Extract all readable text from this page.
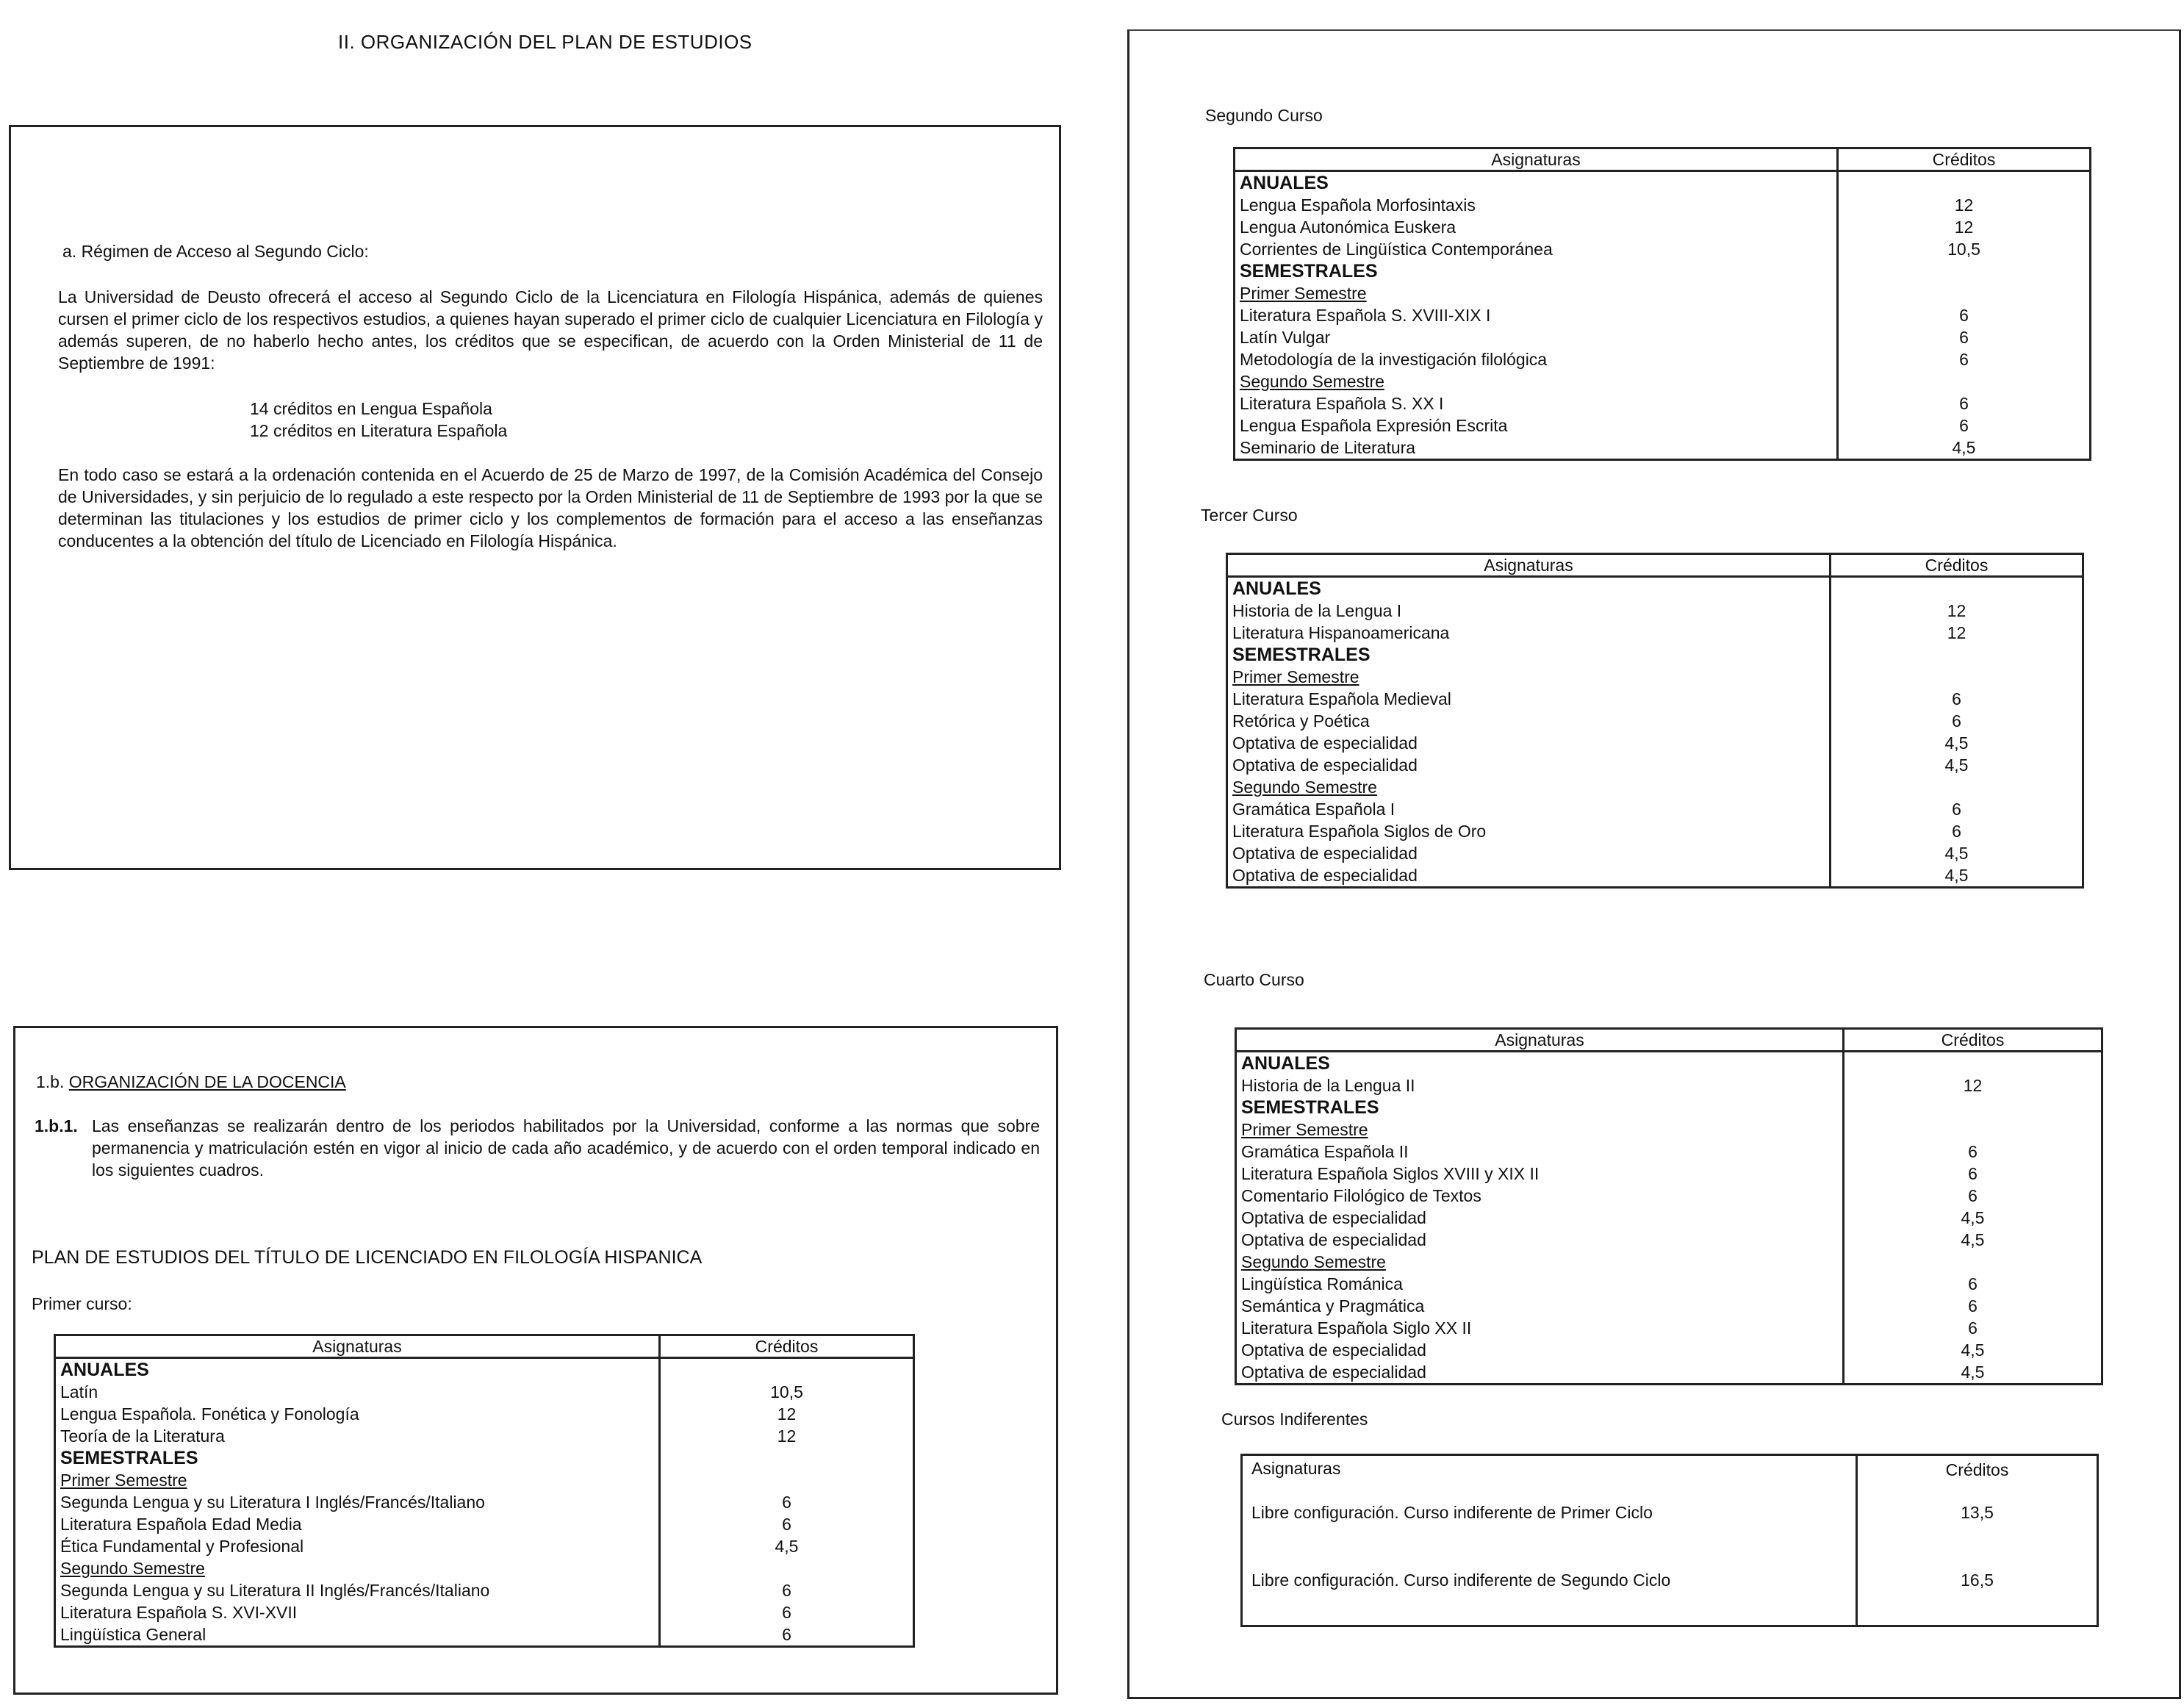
II. ORGANIZACIÓN DEL PLAN DE ESTUDIOS
a. Régimen de Acceso al Segundo Ciclo:
La Universidad de Deusto ofrecerá el acceso al Segundo Ciclo de la Licenciatura en Filología Hispánica, además de quienes cursen el primer ciclo de los respectivos estudios, a quienes hayan superado el primer ciclo de cualquier Licenciatura en Filología y además superen, de no haberlo hecho antes, los créditos que se especifican, de acuerdo con la Orden Ministerial de 11 de Septiembre de 1991:
14 créditos en Lengua Española
12 créditos en Literatura Española
En todo caso se estará a la ordenación contenida en el Acuerdo de 25 de Marzo de 1997, de la Comisión Académica del Consejo de Universidades, y sin perjuicio de lo regulado a este respecto por la Orden Ministerial de 11 de Septiembre de 1993 por la que se determinan las titulaciones y los estudios de primer ciclo y los complementos de formación para el acceso a las enseñanzas conducentes a la obtención del título de Licenciado en Filología Hispánica.
1.b. ORGANIZACIÓN DE LA DOCENCIA
1.b.1. Las enseñanzas se realizarán dentro de los periodos habilitados por la Universidad, conforme a las normas que sobre permanencia y matriculación estén en vigor al inicio de cada año académico, y de acuerdo con el orden temporal indicado en los siguientes cuadros.
PLAN DE ESTUDIOS DEL TÍTULO DE LICENCIADO EN FILOLOGÍA HISPANICA
Primer curso:
Asignaturas	Créditos
ANUALES	
Latín	10,5
Lengua Española. Fonética y Fonología	12
Teoría de la Literatura	12
SEMESTRALES	
Primer Semestre	
Segunda Lengua y su Literatura I Inglés/Francés/Italiano	6
Literatura Española Edad Media	6
Ética Fundamental y Profesional	4,5
Segundo Semestre	
Segunda Lengua y su Literatura II Inglés/Francés/Italiano	6
Literatura Española S. XVI-XVII	6
Lingüística General	6
Segundo Curso
Asignaturas	Créditos
ANUALES	
Lengua Española Morfosintaxis	12
Lengua Autonómica Euskera	12
Corrientes de Lingüística Contemporánea	10,5
SEMESTRALES	
Primer Semestre	
Literatura Española S. XVIII-XIX I	6
Latín Vulgar	6
Metodología de la investigación filológica	6
Segundo Semestre	
Literatura Española S. XX I	6
Lengua Española Expresión Escrita	6
Seminario de Literatura	4,5
Tercer Curso
Asignaturas	Créditos
ANUALES	
Historia de la Lengua I	12
Literatura Hispanoamericana	12
SEMESTRALES	
Primer Semestre	
Literatura Española Medieval	6
Retórica y Poética	6
Optativa de especialidad	4,5
Optativa de especialidad	4,5
Segundo Semestre	
Gramática Española I	6
Literatura Española Siglos de Oro	6
Optativa de especialidad	4,5
Optativa de especialidad	4,5
Cuarto Curso
Asignaturas	Créditos
ANUALES	
Historia de la Lengua II	12
SEMESTRALES	
Primer Semestre	
Gramática Española II	6
Literatura Española Siglos XVIII y XIX II	6
Comentario Filológico de Textos	6
Optativa de especialidad	4,5
Optativa de especialidad	4,5
Segundo Semestre	
Lingüística Románica	6
Semántica y Pragmática	6
Literatura Española Siglo XX II	6
Optativa de especialidad	4,5
Optativa de especialidad	4,5
Cursos Indiferentes
Asignaturas	Créditos
Libre configuración. Curso indiferente de Primer Ciclo	13,5
Libre configuración. Curso indiferente de Segundo Ciclo	16,5
